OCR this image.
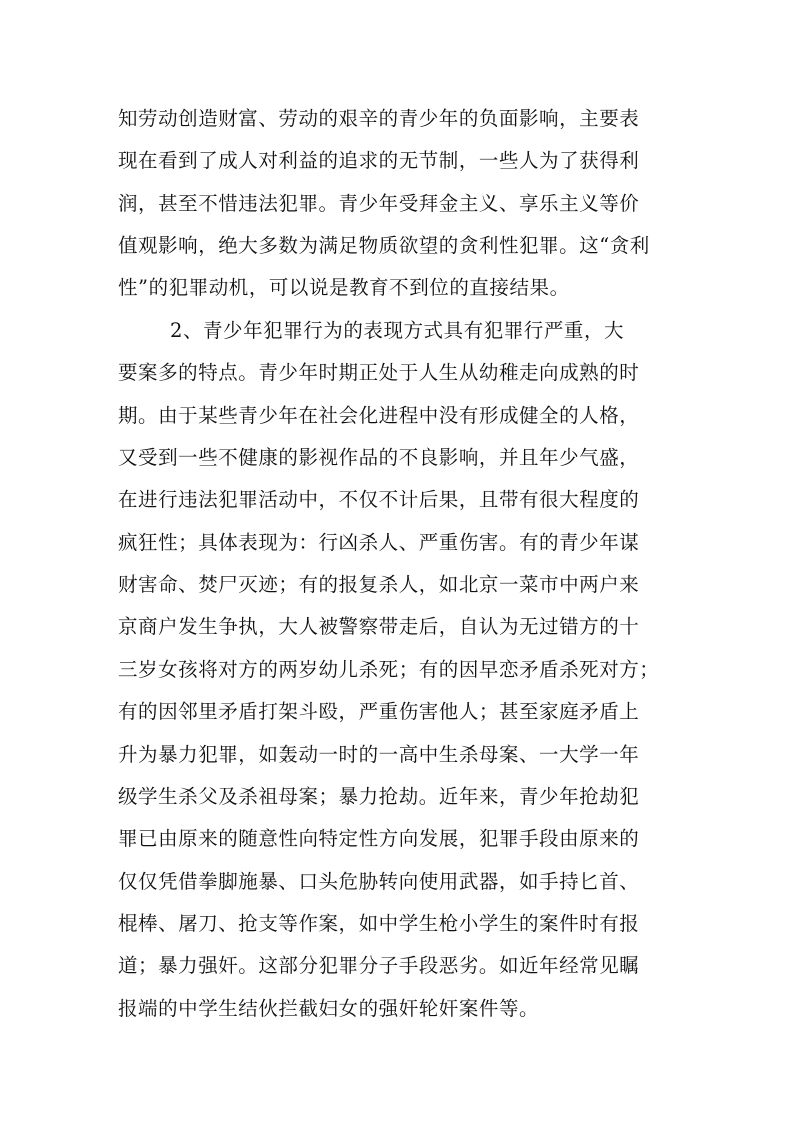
知劳动创造财富、劳动的艰辛的青少年的负面影响，主要表
现在看到了成人对利益的追求的无节制，一些人为了获得利
润，甚至不惜违法犯罪。青少年受拜金主义、享乐主义等价
值观影响，绝大多数为满足物质欲望的贪利性犯罪。这“贪利
性”的犯罪动机，可以说是教育不到位的直接结果。
2、青少年犯罪行为的表现方式具有犯罪行严重，大
要案多的特点。青少年时期正处于人生从幼稚走向成熟的时
期。由于某些青少年在社会化进程中没有形成健全的人格，
又受到一些不健康的影视作品的不良影响，并且年少气盛，
在进行违法犯罪活动中，不仅不计后果，且带有很大程度的
疯狂性；具体表现为：行凶杀人、严重伤害。有的青少年谋
财害命、焚尸灭迹；有的报复杀人，如北京一菜市中两户来
京商户发生争执，大人被警察带走后，自认为无过错方的十
三岁女孩将对方的两岁幼儿杀死；有的因早恋矛盾杀死对方；
有的因邻里矛盾打架斗殴，严重伤害他人；甚至家庭矛盾上
升为暴力犯罪，如轰动一时的一高中生杀母案、一大学一年
级学生杀父及杀祖母案；暴力抢劫。近年来，青少年抢劫犯
罪已由原来的随意性向特定性方向发展，犯罪手段由原来的
仅仅凭借拳脚施暴、口头危胁转向使用武器，如手持匕首、
棍棒、屠刀、抢支等作案，如中学生枪小学生的案件时有报
道；暴力强奸。这部分犯罪分子手段恶劣。如近年经常见瞩
报端的中学生结伙拦截妇女的强奸轮奸案件等。
